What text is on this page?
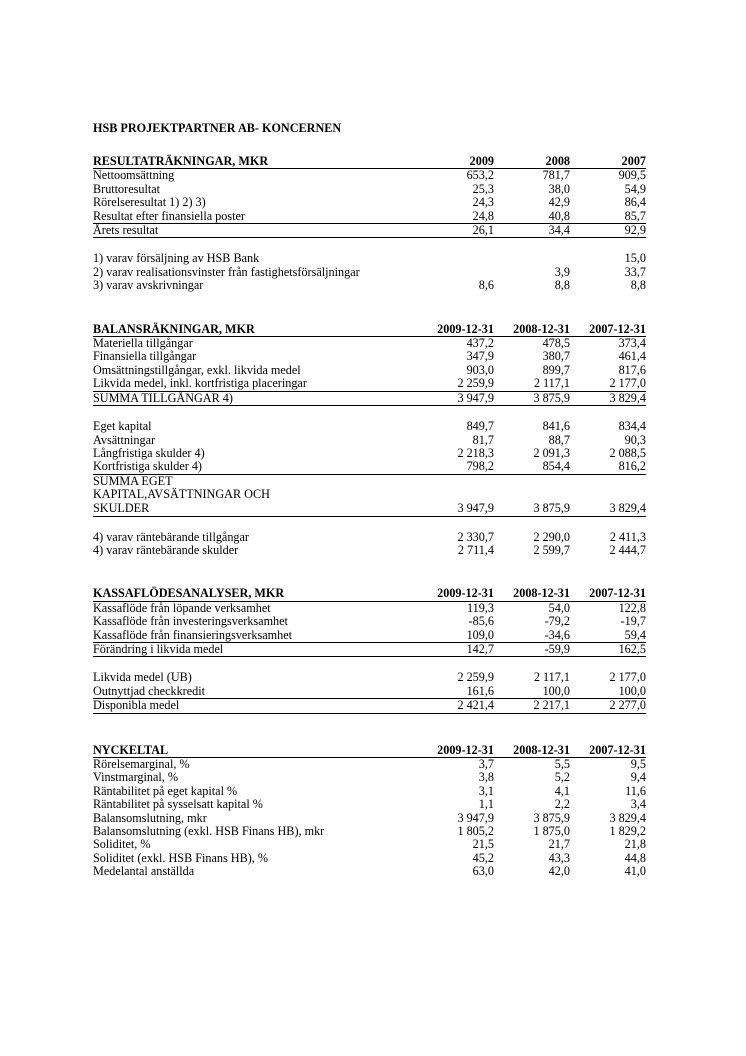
HSB PROJEKTPARTNER AB- KONCERNEN
RESULTATRÄKNINGAR, MKR	2009	2008	2007
Nettoomsättning	653,2	781,7	909,5
Bruttoresultat	25,3	38,0	54,9
Rörelseresultat 1) 2) 3)	24,3	42,9	86,4
Resultat efter finansiella poster	24,8	40,8	85,7
Årets resultat	26,1	34,4	92,9

1) varav försäljning av HSB Bank			15,0
2) varav realisationsvinster från fastighetsförsäljningar		3,9	33,7
3) varav avskrivningar	8,6	8,8	8,8
BALANSRÄKNINGAR, MKR	2009-12-31	2008-12-31	2007-12-31
Materiella tillgångar	437,2	478,5	373,4
Finansiella tillgångar	347,9	380,7	461,4
Omsättningstillgångar, exkl. likvida medel	903,0	899,7	817,6
Likvida medel, inkl. kortfristiga placeringar	2 259,9	2 117,1	2 177,0
SUMMA TILLGÅNGAR 4)	3 947,9	3 875,9	3 829,4

Eget kapital	849,7	841,6	834,4
Avsättningar	81,7	88,7	90,3
Långfristiga skulder 4)	2 218,3	2 091,3	2 088,5
Kortfristiga skulder 4)	798,2	854,4	816,2
SUMMA EGET KAPITAL,AVSÄTTNINGAR OCH SKULDER	3 947,9	3 875,9	3 829,4

4) varav räntebärande tillgångar	2 330,7	2 290,0	2 411,3
4) varav räntebärande skulder	2 711,4	2 599,7	2 444,7
KASSAFLÖDESANALYSER, MKR	2009-12-31	2008-12-31	2007-12-31
Kassaflöde från löpande verksamhet	119,3	54,0	122,8
Kassaflöde från investeringsverksamhet	-85,6	-79,2	-19,7
Kassaflöde från finansieringsverksamhet	109,0	-34,6	59,4
Förändring i likvida medel	142,7	-59,9	162,5

Likvida medel (UB)	2 259,9	2 117,1	2 177,0
Outnyttjad checkkredit	161,6	100,0	100,0
Disponibla medel	2 421,4	2 217,1	2 277,0
NYCKELTAL	2009-12-31	2008-12-31	2007-12-31
Rörelsemarginal, %	3,7	5,5	9,5
Vinstmarginal, %	3,8	5,2	9,4
Räntabilitet på eget kapital %	3,1	4,1	11,6
Räntabilitet på sysselsatt kapital %	1,1	2,2	3,4
Balansomslutning, mkr	3 947,9	3 875,9	3 829,4
Balansomslutning (exkl. HSB Finans HB), mkr	1 805,2	1 875,0	1 829,2
Soliditet, %	21,5	21,7	21,8
Soliditet (exkl. HSB Finans HB), %	45,2	43,3	44,8
Medelantal anställda	63,0	42,0	41,0
